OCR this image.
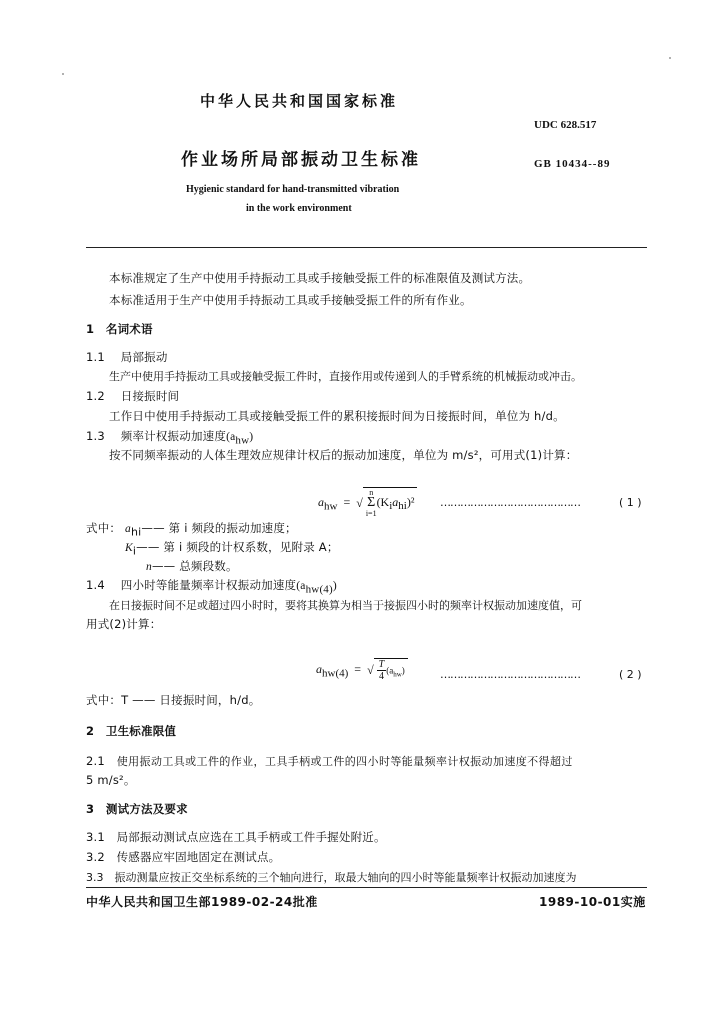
中华人民共和国国家标准
UDC 628.517
作业场所局部振动卫生标准	GB 10434--89
Hygienic standard for hand-transmitted vibration
in the work environment
本标准规定了生产中使用手持振动工具或手接触受振工件的标准限值及测试方法。
本标准适用于生产中使用手持振动工具或手接触受振工件的所有作业。
1　名词术语
1.1 局部振动
生产中使用手持振动工具或接触受振工件时，直接作用或传递到人的手臂系统的机械振动或冲击。
1.2 日接振时间
工作日中使用手持振动工具或接触受振工件的累积接振时间为日接振时间，单位为 h/d。
1.3 频率计权振动加速度$(a_{hw})$
按不同频率振动的人体生理效应规律计权后的振动加速度，单位为 m/s²，可用式(1)计算：
$a_{hw}$ = √
n
Σ
i=1
$(K_ia_{hi})^2$ ……………………………………	( 1 )
式中： $a_{hi}——$ 第 i 频段的振动加速度；
$K_i——$ 第 i 频段的计权系数，见附录 A；
n—— 总频段数。
1.4 四小时等能量频率计权振动加速度$(a_{hw(4)})$
在日接振时间不足或超过四小时时，要将其换算为相当于接振四小时的频率计权振动加速度值，可
用式(2)计算：
$a_{hw(4)}$ = √ $\frac{T}{4} (a_{hw})$	……………………………………	( 2 )
式中：T —— 日接振时间，h/d。
2　卫生标准限值
2.1 使用振动工具或工件的作业，工具手柄或工件的四小时等能量频率计权振动加速度不得超过
5 m/s²。
3　测试方法及要求
3.1　局部振动测试点应选在工具手柄或工件手握处附近。
3.2　传感器应牢固地固定在测试点。
3.3　振动测量应按正交坐标系统的三个轴向进行，取最大轴向的四小时等能量频率计权振动加速度为
中华人民共和国卫生部1989-02-24批准	1989-10-01实施
